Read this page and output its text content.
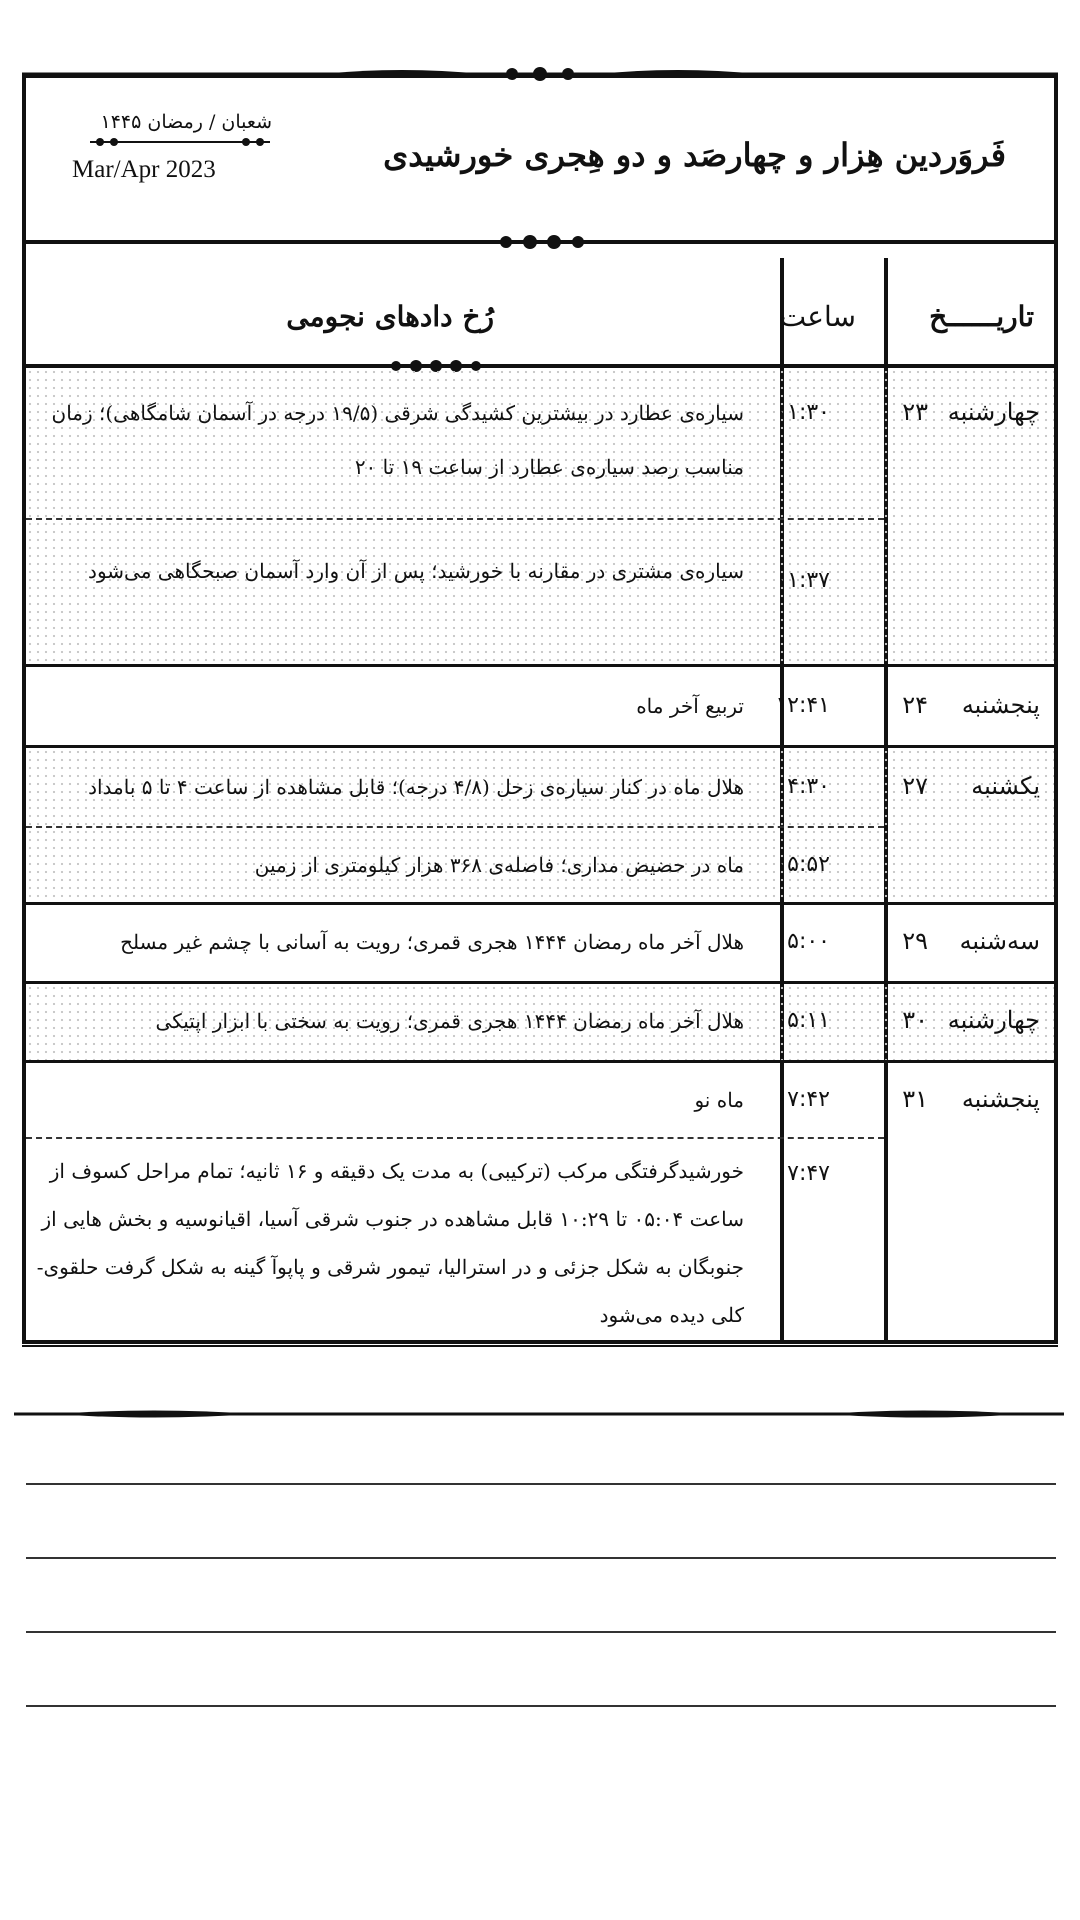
فَروَردین هِزار و چهارصَد و دو هِجری خورشیدی
شعبان / رمضان ۱۴۴۵
Mar/Apr 2023
تاریــــــخ
ساعت
رُخ دادهای نجومی
چهارشنبه
۲۳
۰۱:۳۰
سیاره‌ی عطارد در بیشترین کشیدگی شرقی (۱۹/۵ درجه در آسمان شامگاهی)؛ زمان مناسب رصد سیاره‌ی عطارد از ساعت ۱۹ تا ۲۰
۰۱:۳۷
سیاره‌ی مشتری در مقارنه با خورشید؛ پس از آن وارد آسمان صبحگاهی می‌شود
پنجشنبه
۲۴
۱۲:۴۱
تربیع آخر ماه
یکشنبه
۲۷
۰۴:۳۰
هلال ماه در کنار سیاره‌ی زحل (۴/۸ درجه)؛ قابل مشاهده از ساعت ۴ تا ۵ بامداد
۰۵:۵۲
ماه در حضیض مداری؛ فاصله‌ی ۳۶۸ هزار کیلومتری از زمین
سه‌شنبه
۲۹
۰۵:۰۰
هلال آخر ماه رمضان ۱۴۴۴ هجری قمری؛ رویت به آسانی با چشم غیر مسلح
چهارشنبه
۳۰
۰۵:۱۱
هلال آخر ماه رمضان ۱۴۴۴ هجری قمری؛ رویت به سختی با ابزار اپتیکی
پنجشنبه
۳۱
۰۷:۴۲
ماه نو
۰۷:۴۷
خورشیدگرفتگی مرکب (ترکیبی) به مدت یک دقیقه و ۱۶ ثانیه؛ تمام مراحل کسوف از ساعت ۰۵:۰۴ تا ۱۰:۲۹ قابل مشاهده در جنوب شرقی آسیا، اقیانوسیه و بخش هایی از جنوبگان به شکل جزئی و در استرالیا، تیمور شرقی و پاپوآ گینه به شکل گرفت حلقوی-کلی دیده می‌شود
